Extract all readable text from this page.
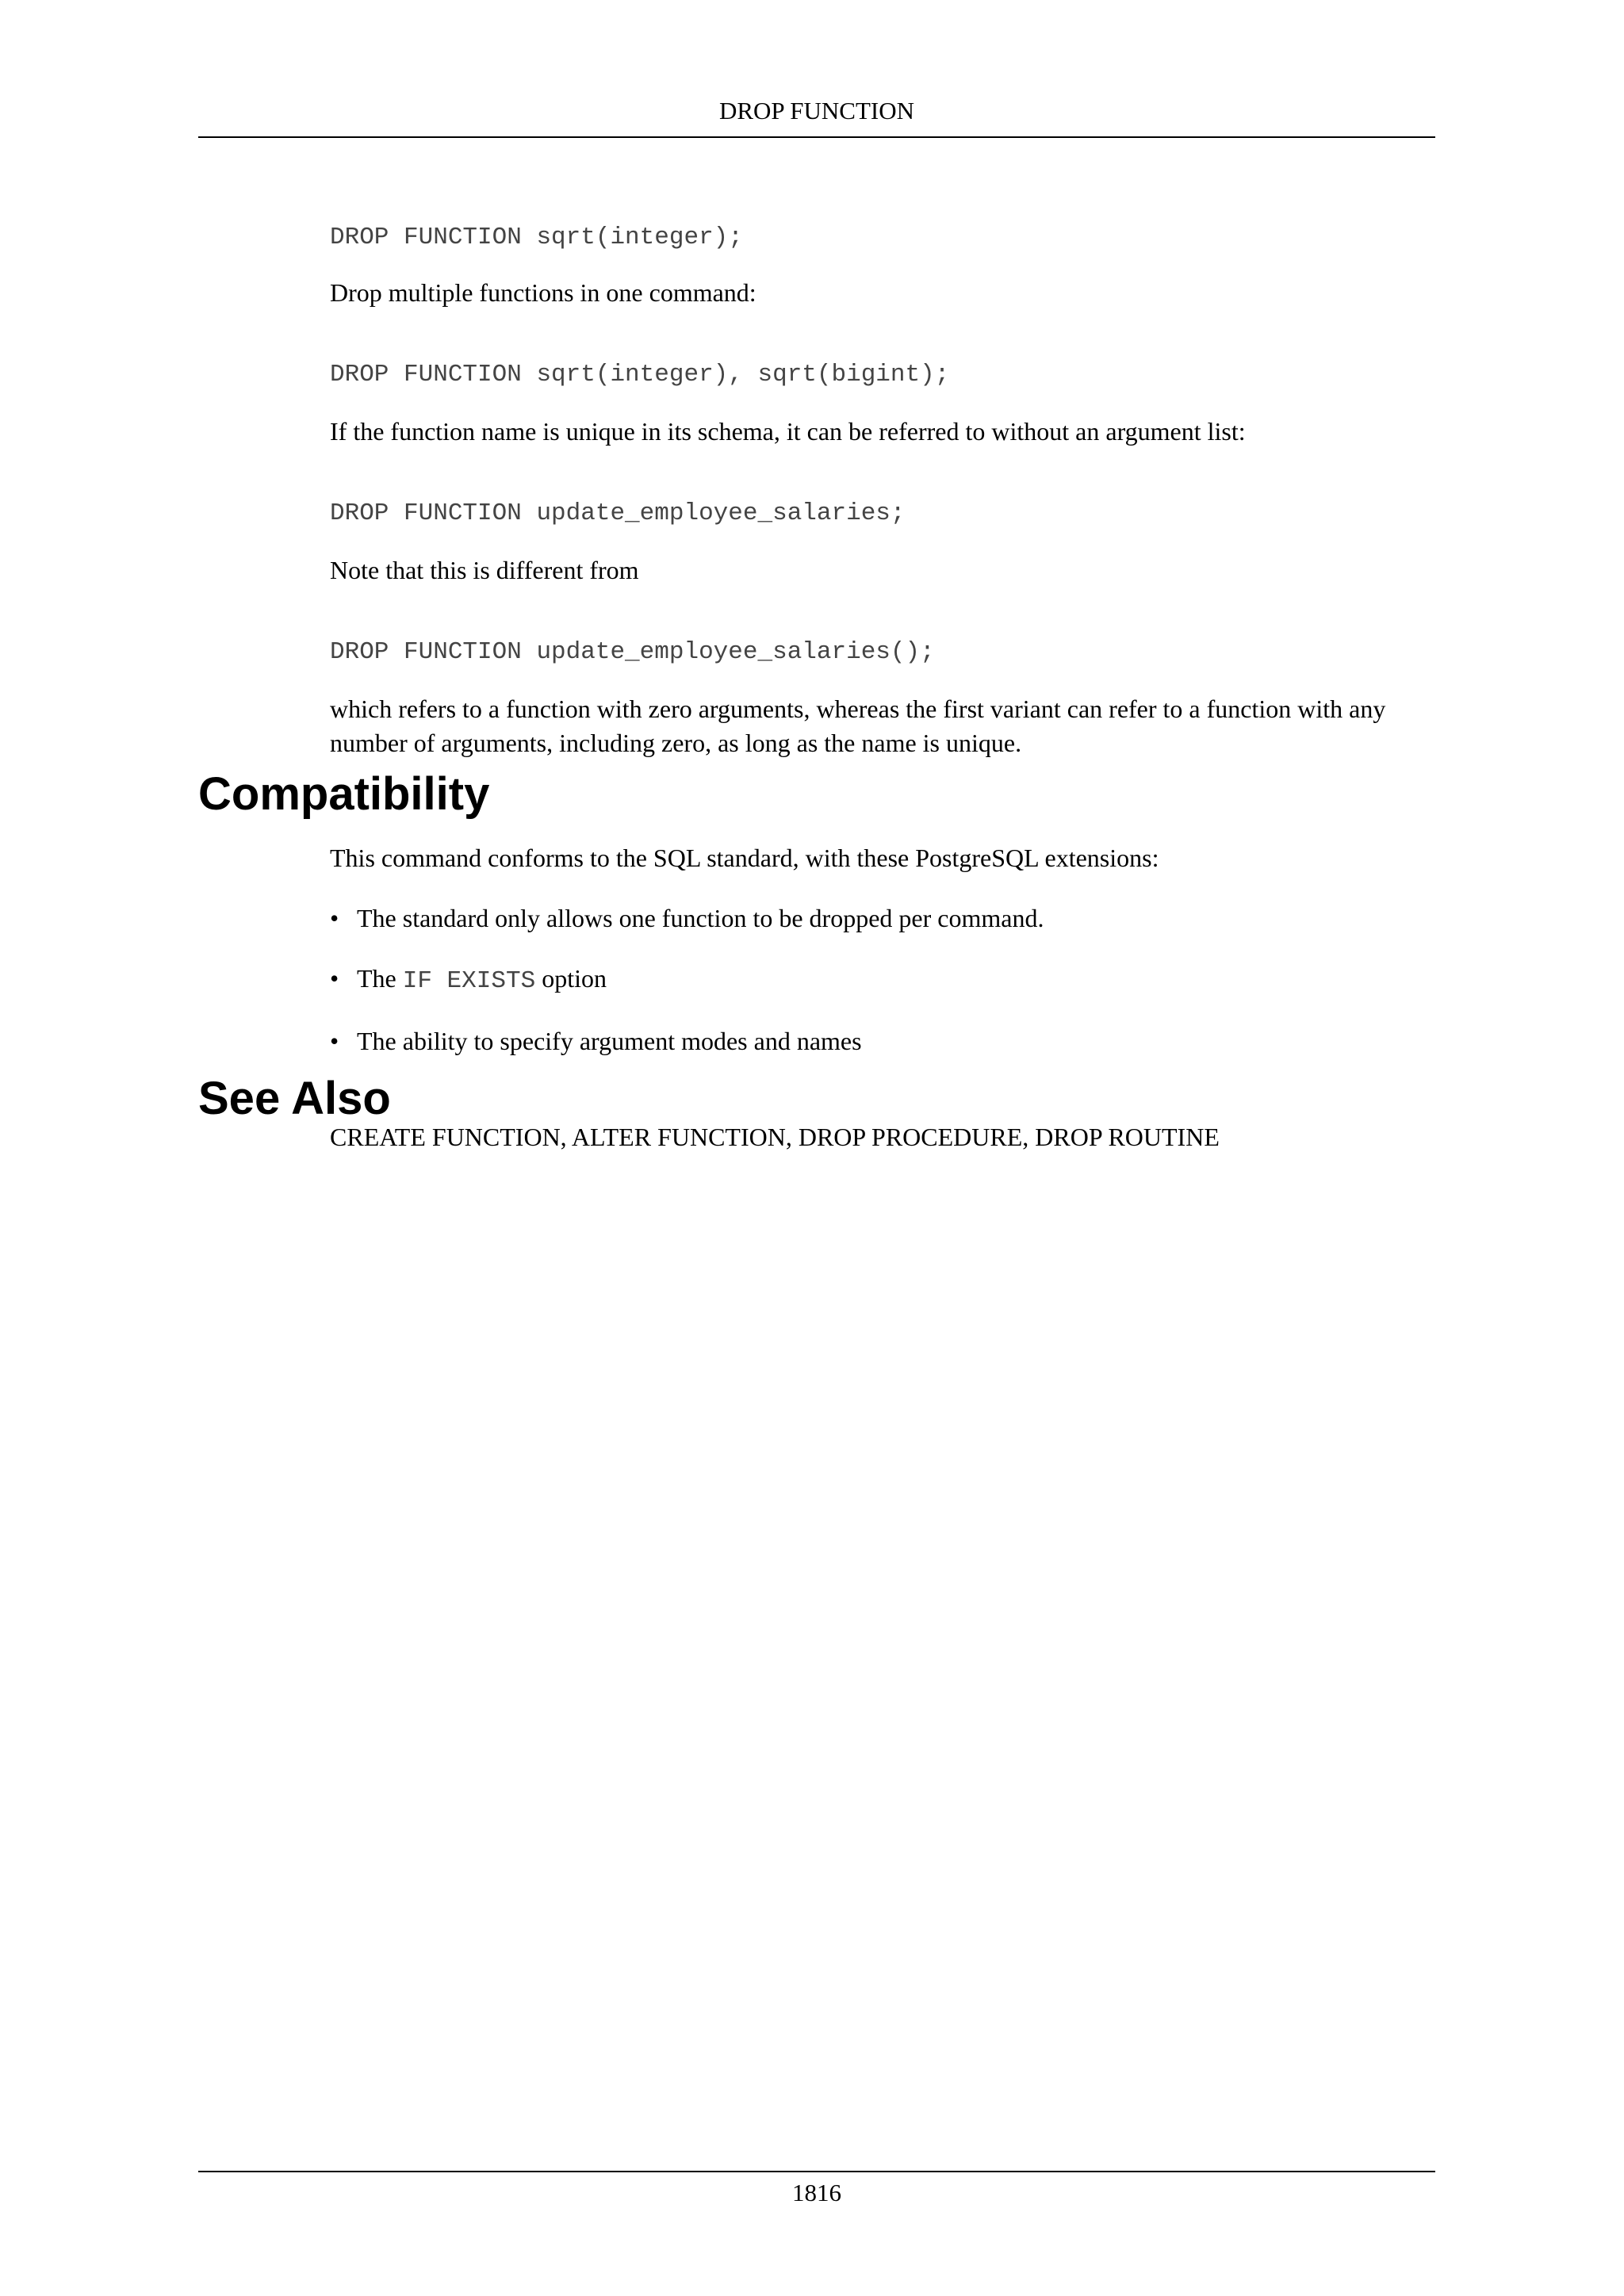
DROP FUNCTION
DROP FUNCTION sqrt(integer);

Drop multiple functions in one command:

DROP FUNCTION sqrt(integer), sqrt(bigint);

If the function name is unique in its schema, it can be referred to without an argument list:

DROP FUNCTION update_employee_salaries;

Note that this is different from

DROP FUNCTION update_employee_salaries();

which refers to a function with zero arguments, whereas the first variant can refer to a function with any number of arguments, including zero, as long as the name is unique.

Compatibility

This command conforms to the SQL standard, with these PostgreSQL extensions:

• The standard only allows one function to be dropped per command.
• The IF EXISTS option
• The ability to specify argument modes and names
See Also

CREATE FUNCTION, ALTER FUNCTION, DROP PROCEDURE, DROP ROUTINE

1816
